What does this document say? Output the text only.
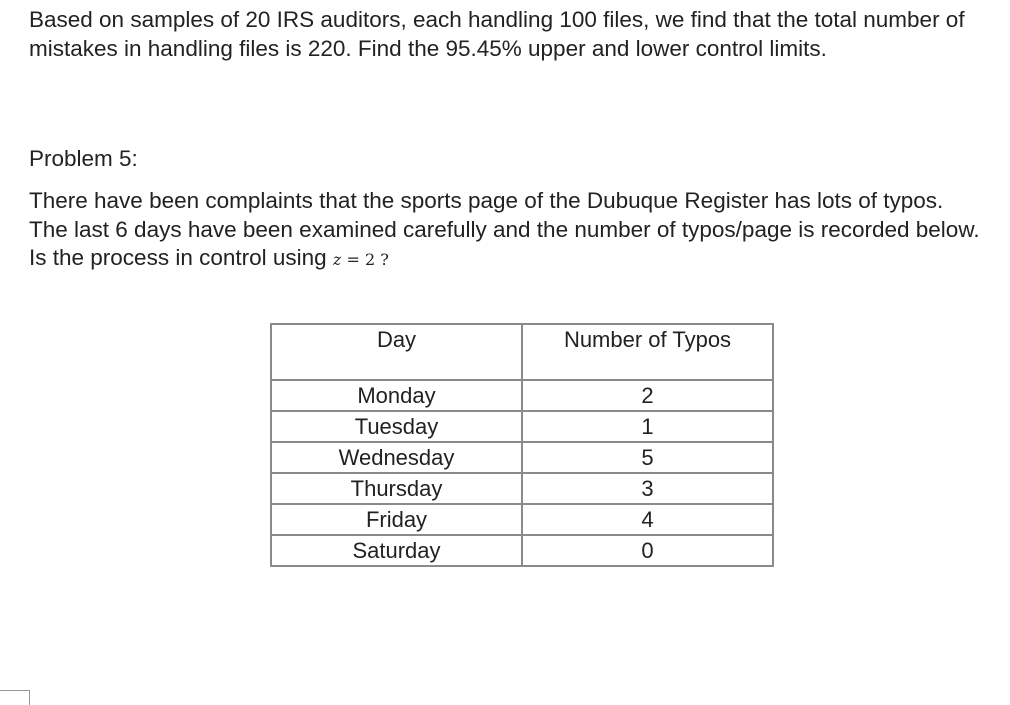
Based on samples of 20 IRS auditors, each handling 100 files, we find that the total number of mistakes in handling files is 220. Find the 95.45% upper and lower control limits.

Problem 5:

There have been complaints that the sports page of the Dubuque Register has lots of typos. The last 6 days have been examined carefully and the number of typos/page is recorded below. Is the process in control using z = 2 ?

Day	Number of Typos
Monday	2
Tuesday	1
Wednesday	5
Thursday	3
Friday	4
Saturday	0
